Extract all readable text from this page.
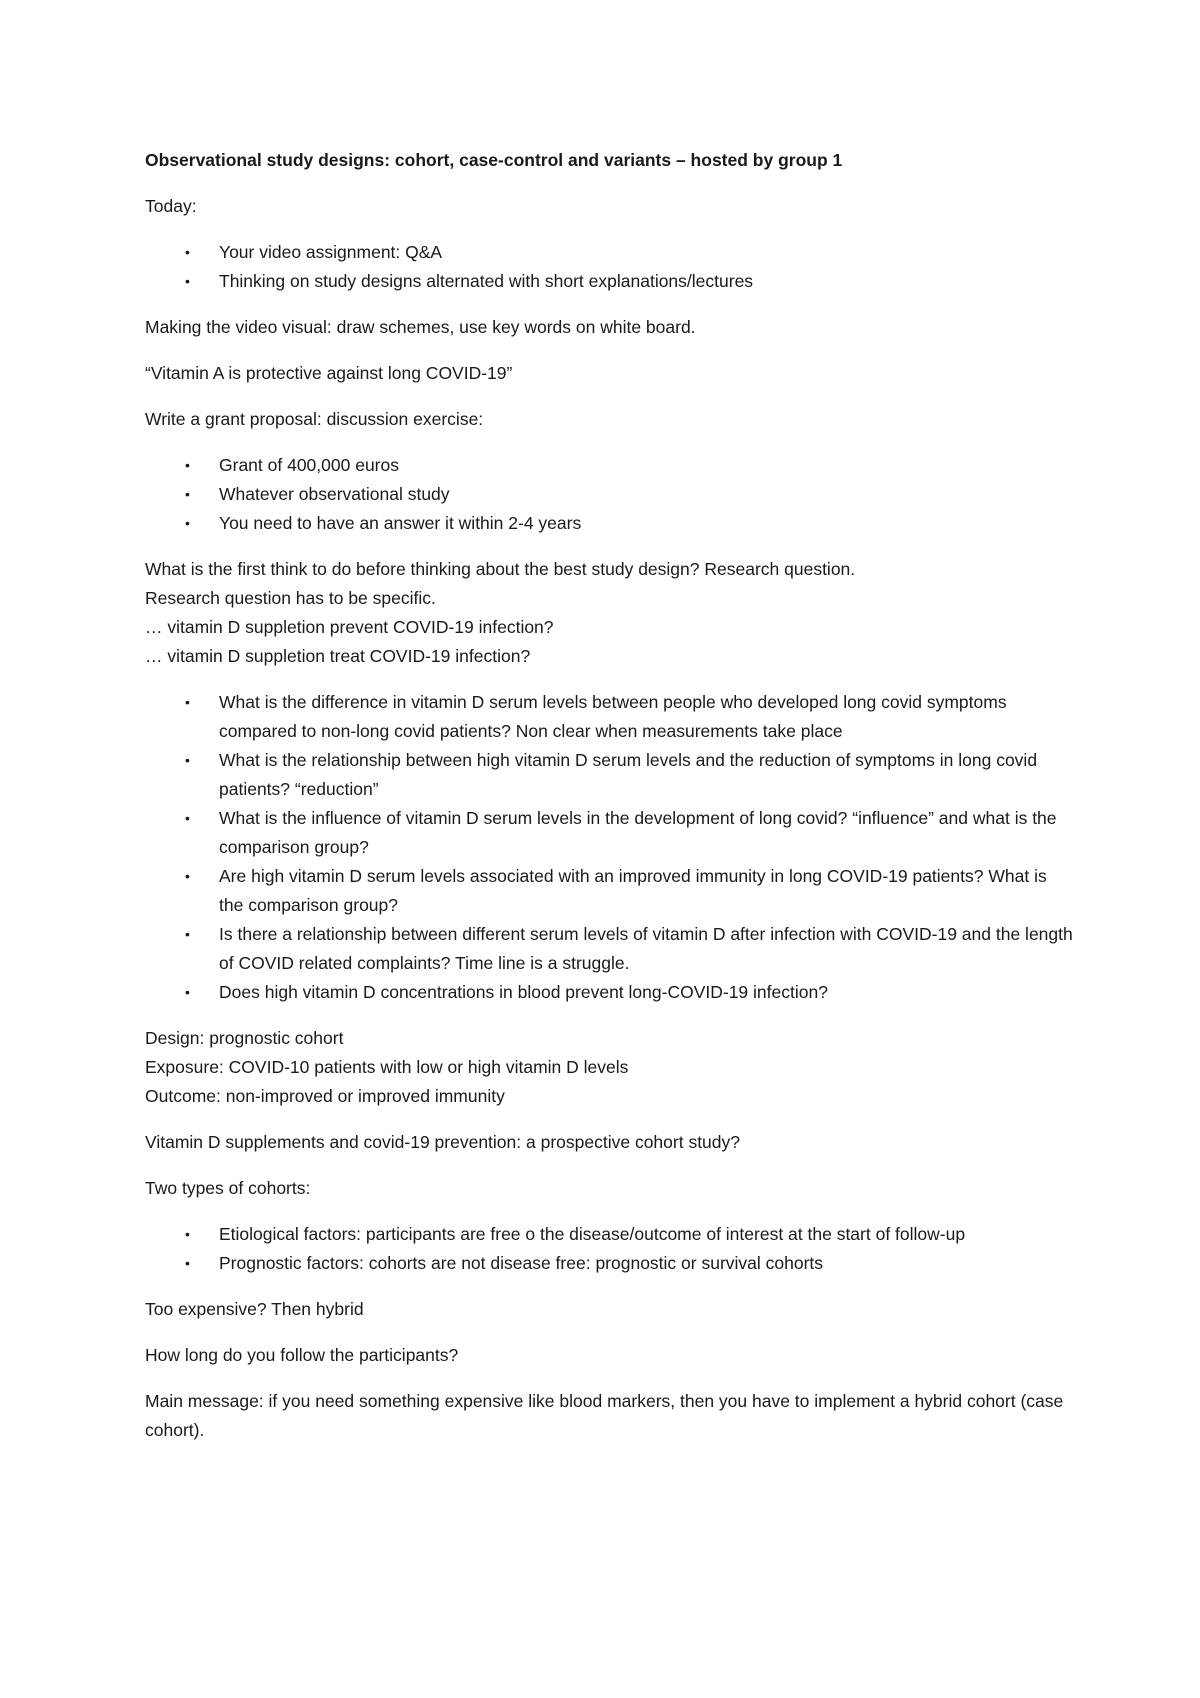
Observational study designs: cohort, case-control and variants – hosted by group 1

Today:

• Your video assignment: Q&A
• Thinking on study designs alternated with short explanations/lectures

Making the video visual: draw schemes, use key words on white board.

“Vitamin A is protective against long COVID-19”

Write a grant proposal: discussion exercise:

• Grant of 400,000 euros
• Whatever observational study
• You need to have an answer it within 2-4 years
What is the first think to do before thinking about the best study design? Research question.
Research question has to be specific.
… vitamin D suppletion prevent COVID-19 infection?
… vitamin D suppletion treat COVID-19 infection?
• What is the difference in vitamin D serum levels between people who developed long covid symptoms compared to non-long covid patients? Non clear when measurements take place
• What is the relationship between high vitamin D serum levels and the reduction of symptoms in long covid patients? “reduction”
• What is the influence of vitamin D serum levels in the development of long covid? “influence” and what is the comparison group?
• Are high vitamin D serum levels associated with an improved immunity in long COVID-19 patients? What is the comparison group?
• Is there a relationship between different serum levels of vitamin D after infection with COVID-19 and the length of COVID related complaints? Time line is a struggle.
• Does high vitamin D concentrations in blood prevent long-COVID-19 infection?
Design: prognostic cohort
Exposure: COVID-10 patients with low or high vitamin D levels
Outcome: non-improved or improved immunity

Vitamin D supplements and covid-19 prevention: a prospective cohort study?

Two types of cohorts:

• Etiological factors: participants are free o the disease/outcome of interest at the start of follow-up
• Prognostic factors: cohorts are not disease free: prognostic or survival cohorts

Too expensive? Then hybrid

How long do you follow the participants?

Main message: if you need something expensive like blood markers, then you have to implement a hybrid cohort (case cohort).
